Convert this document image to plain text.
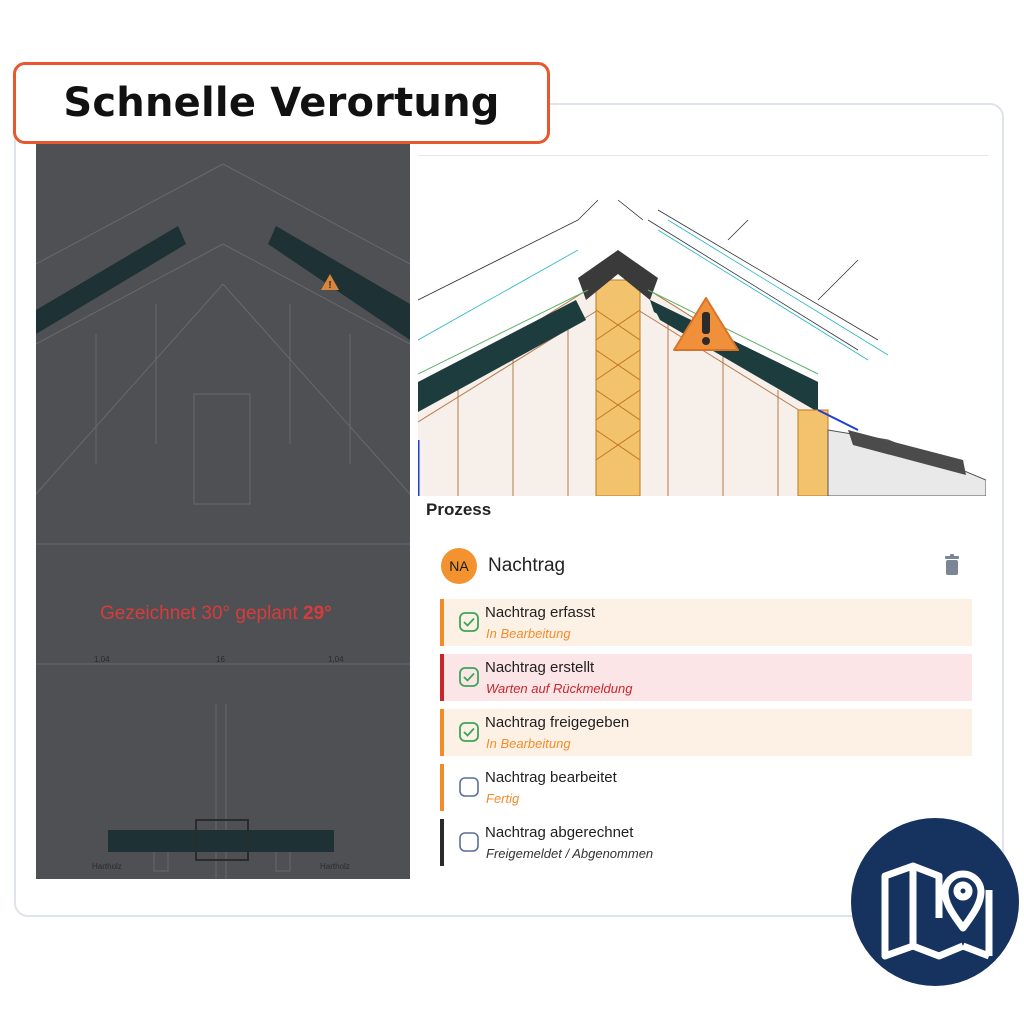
Schnelle Verortung
!
Gezeichnet 30° geplant 29°
1,04	16	1,04
Hartholz	Hartholz
Prozess
NA	Nachtrag
Nachtrag erfasst
In Bearbeitung
Nachtrag erstellt
Warten auf Rückmeldung
Nachtrag freigegeben
In Bearbeitung
Nachtrag bearbeitet
Fertig
Nachtrag abgerechnet
Freigemeldet / Abgenommen
